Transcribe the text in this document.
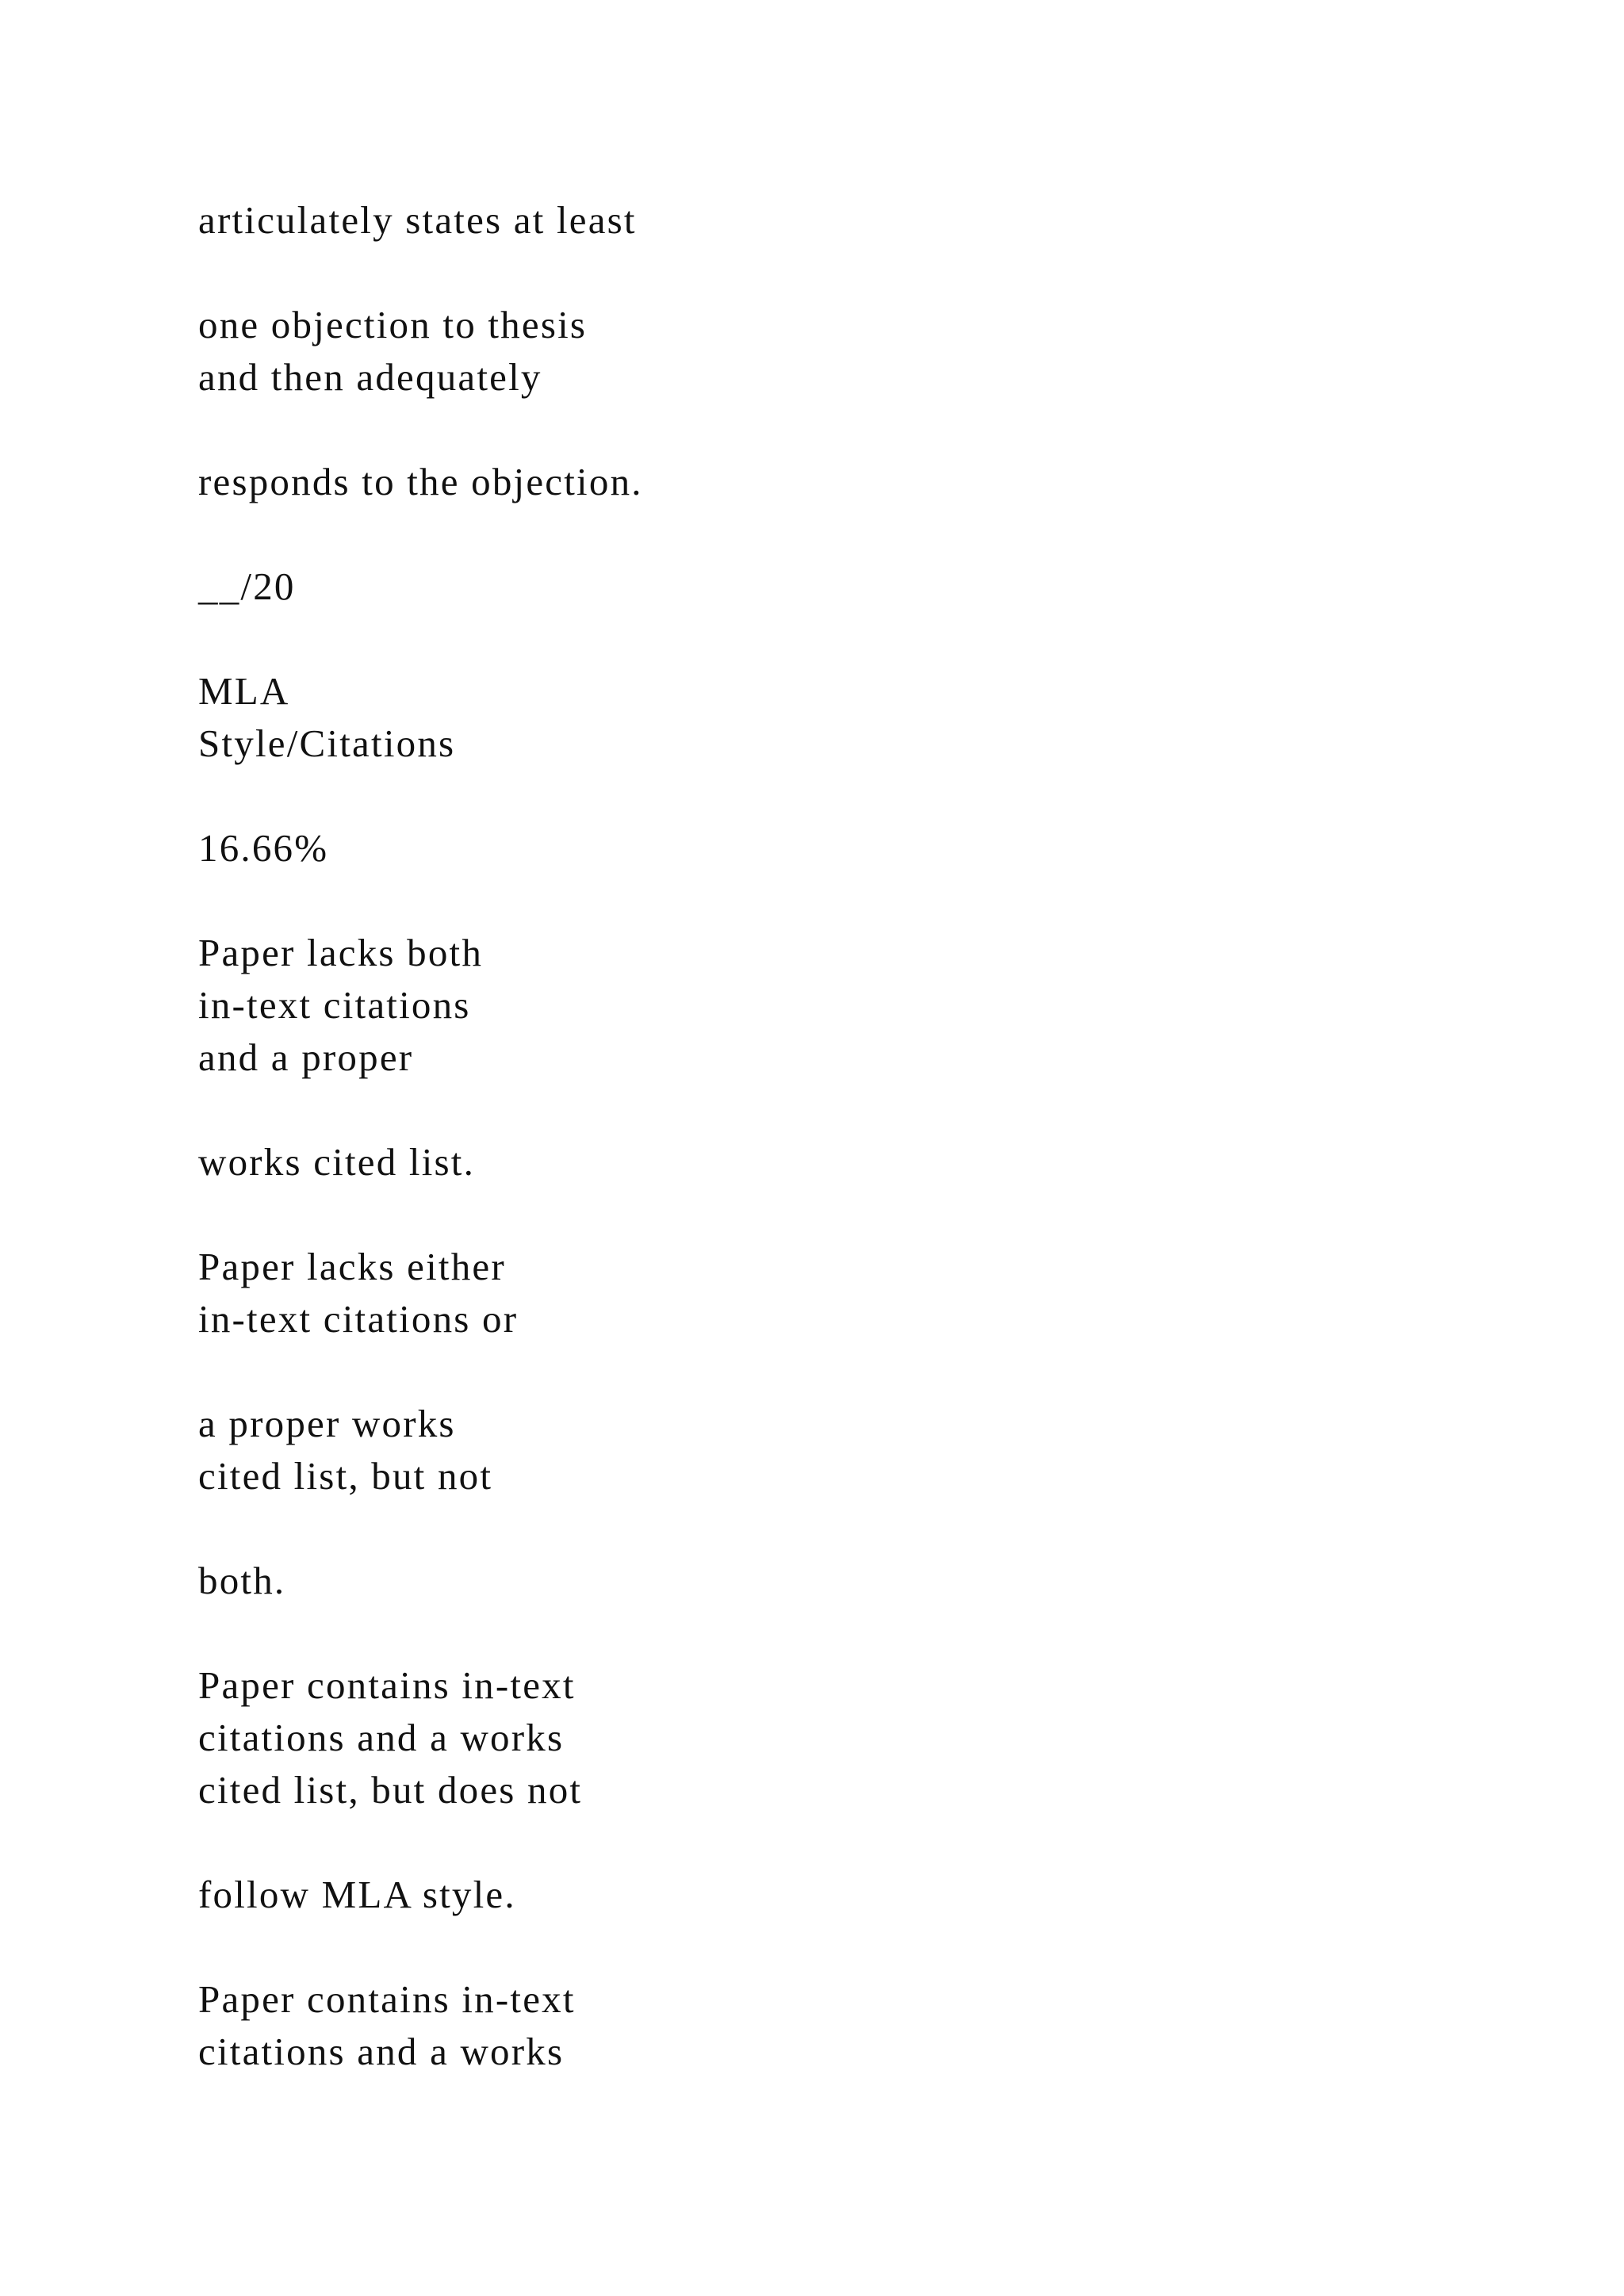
articulately states at least
one objection to thesis
and then adequately
responds to the objection.
__/20
MLA
Style/Citations
16.66%
Paper lacks both
in-text citations
and a proper
works cited list.
Paper lacks either
in-text citations or
a proper works
cited list, but not
both.
Paper contains in-text
citations and a works
cited list, but does not
follow MLA style.
Paper contains in-text
citations and a works
